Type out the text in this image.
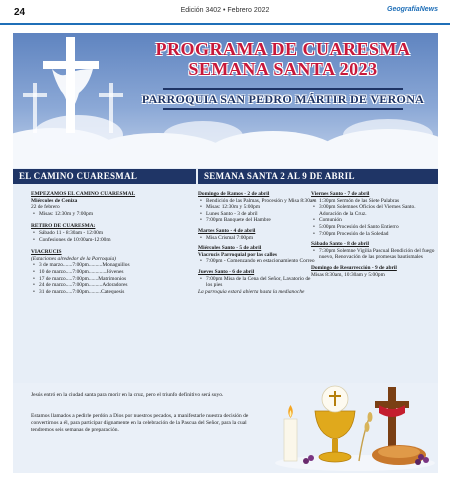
24	Edición 3402 • Febrero 2022	GeografíaNews
PROGRAMA DE CUARESMA
SEMANA SANTA 2023
PARROQUIA SAN PEDRO MÁRTIR DE VERONA
EL CAMINO CUARESMAL	SEMANA SANTA 2 AL 9 DE ABRIL
EMPEZAMOS EL CAMINO CUARESMAL
Miércoles de Ceniza
22 de febrero
• Misas: 12:30m y 7:00pm
RETIRO DE CUARESMA:
• Sábado 11 - 8:30am - 12:00m
• Confesiones de 10:00am-12:00m
VIACRUCIS
(Estaciones alrededor de la Parroquia)
• 3 de marzo.......7:00pm..........Monaguillos
• 10 de marzo.....7:00pm.............Jóvenes
• 17 de marzo.....7:00pm.......Matrimonios
• 24 de marzo.....7:00pm..........Adoradores
• 31 de marzo.....7:00pm.........Catequesis
Domingo de Ramos - 2 de abril
• Bendición de las Palmas, Procesión y Misa 8:30am
• Misas: 12:30m y 5:00pm
• Lunes Santo - 3 de abril
• 7:00pm Banquete del Hambre
Martes Santo - 4 de abril
• Misa Crismal 7:00pm
Miércoles Santo - 5 de abril
Viacrucis Parroquial por las calles
• 7:00pm - Comenzando en estacionamiento Correo
Jueves Santo - 6 de abril
• 7:00pm Misa de la Cena del Señor, Lavatorio de los pies
La parroquia estará abierta hasta la medianoche
Viernes Santo - 7 de abril
• 1:30pm Sermón de las Siete Palabras
• 3:00pm Solemnes Oficios del Viernes Santo. Adoración de la Cruz.
• Comunión
• 5:00pm Procesión del Santo Entierro
• 7:00pm Procesión de la Soledad
Sábado Santo - 8 de abril
• 7:30pm Solemne Vigilia Pascual Bendición del fuego nuevo, Renovación de las promesas bautismales
Domingo de Resurrección - 9 de abril
Misas 8:30am, 10:30am y 5:00pm
Jesús entró en la ciudad santa para morir en la cruz, pero el triunfo definitivo será suyo.
Estamos llamados a pedirle perdón a Dios por nuestros pecados, a manifestarle nuestra decisión de convertirnos a él, para participar dignamente en la celebración de la Pascua del Señor, para la cual tendremos seis semanas de preparación.
